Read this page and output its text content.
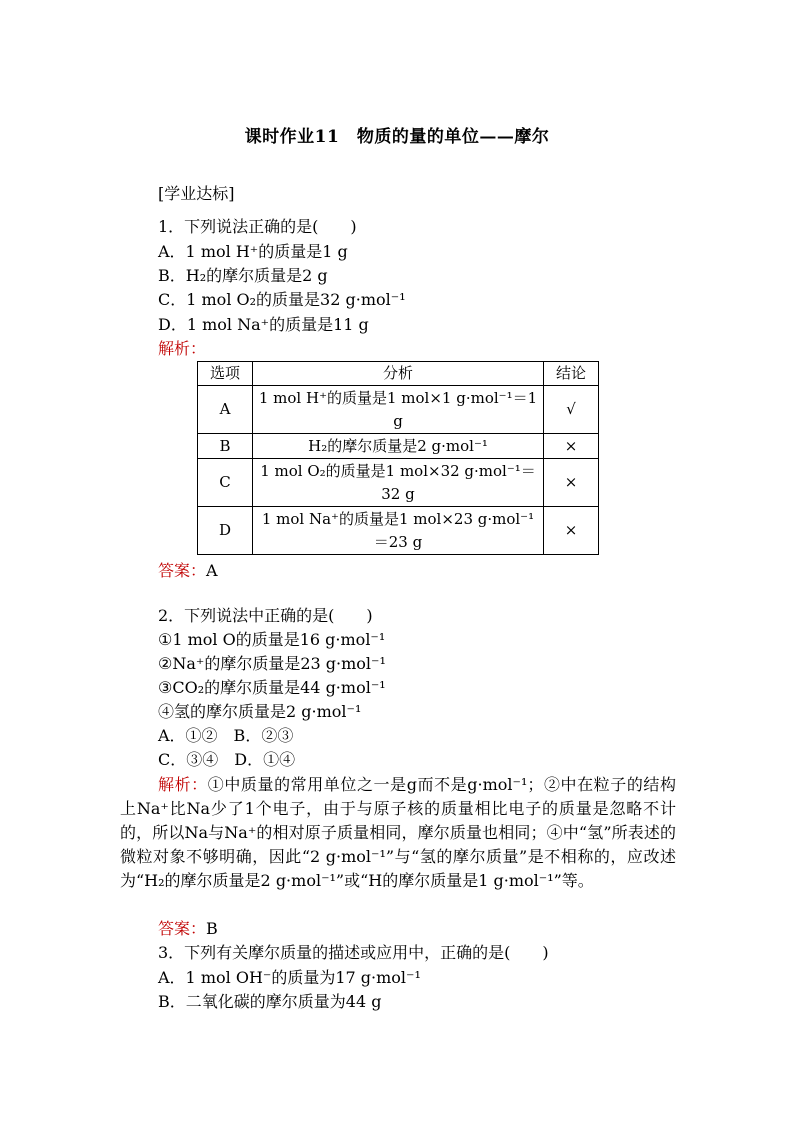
课时作业11　物质的量的单位——摩尔
[学业达标]
1．下列说法正确的是(　　)
A．1 mol H⁺的质量是1 g
B．H₂的摩尔质量是2 g
C．1 mol O₂的质量是32 g·mol⁻¹
D．1 mol Na⁺的质量是11 g
解析：
选项	分析	结论
A	1 mol H⁺的质量是1 mol×1 g·mol⁻¹＝1 g	√
B	H₂的摩尔质量是2 g·mol⁻¹	×
C	1 mol O₂的质量是1 mol×32 g·mol⁻¹＝32 g	×
D	1 mol Na⁺的质量是1 mol×23 g·mol⁻¹＝23 g	×
答案：A
2．下列说法中正确的是(　　)
①1 mol O的质量是16 g·mol⁻¹
②Na⁺的摩尔质量是23 g·mol⁻¹
③CO₂的摩尔质量是44 g·mol⁻¹
④氢的摩尔质量是2 g·mol⁻¹
A．①②　B．②③
C．③④　D．①④
解析：①中质量的常用单位之一是g而不是g·mol⁻¹；②中在粒子的结构上Na⁺比Na少了1个电子，由于与原子核的质量相比电子的质量是忽略不计的，所以Na与Na⁺的相对原子质量相同，摩尔质量也相同；④中“氢”所表述的微粒对象不够明确，因此“2 g·mol⁻¹”与“氢的摩尔质量”是不相称的，应改述为“H₂的摩尔质量是2 g·mol⁻¹”或“H的摩尔质量是1 g·mol⁻¹”等。
答案：B
3．下列有关摩尔质量的描述或应用中，正确的是(　　)
A．1 mol OH⁻的质量为17 g·mol⁻¹
B．二氧化碳的摩尔质量为44 g
